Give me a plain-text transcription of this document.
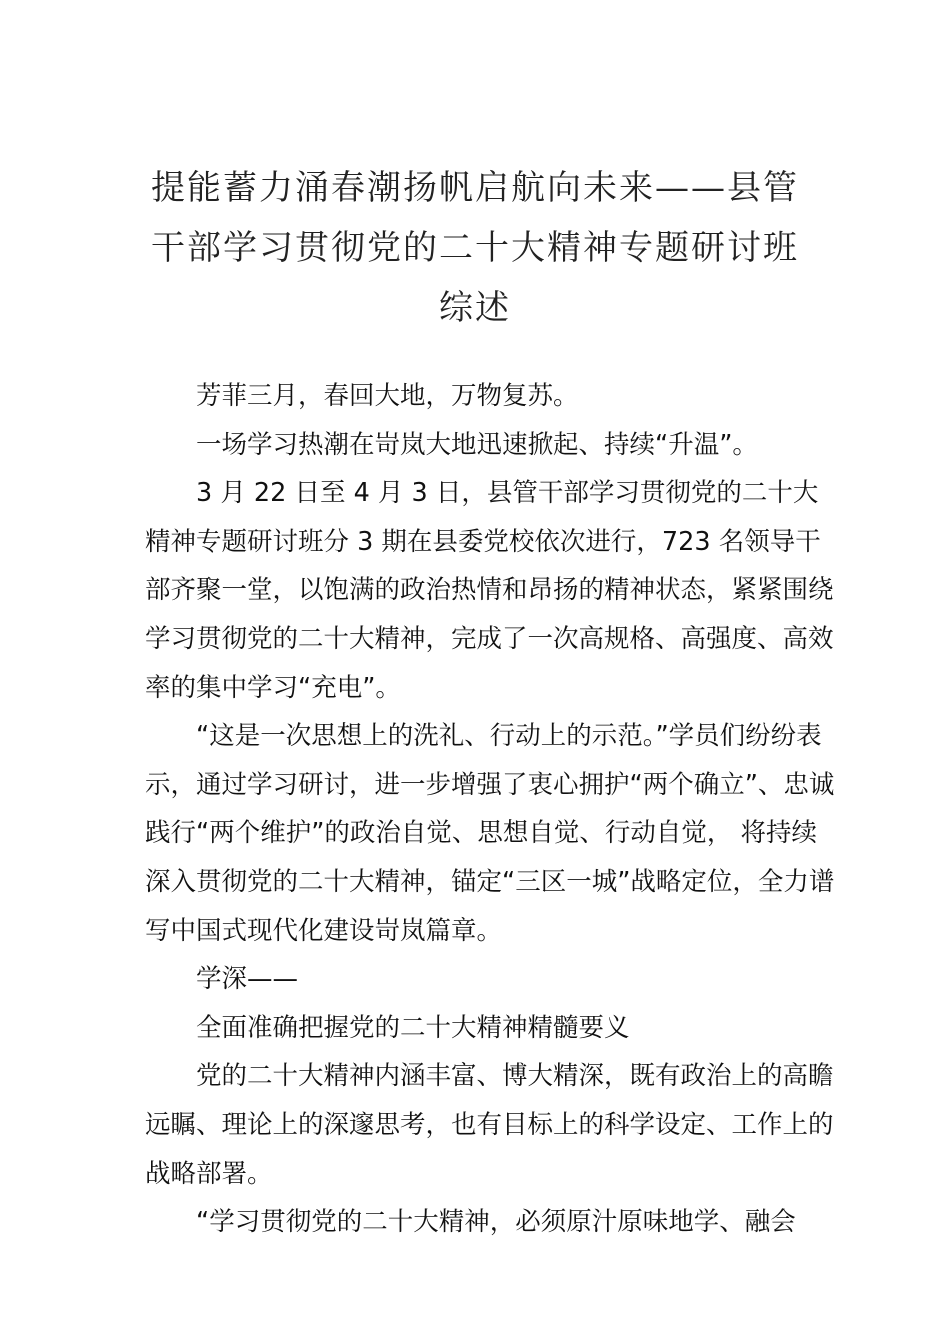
提能蓄力涌春潮扬帆启航向未来——县管
干部学习贯彻党的二十大精神专题研讨班
综述

芳菲三月，春回大地，万物复苏。

一场学习热潮在岢岚大地迅速掀起、持续“升温”。

3 月 22 日至 4 月 3 日，县管干部学习贯彻党的二十大精神专题研讨班分 3 期在县委党校依次进行，723 名领导干部齐聚一堂，以饱满的政治热情和昂扬的精神状态，紧紧围绕学习贯彻党的二十大精神，完成了一次高规格、高强度、高效率的集中学习“充电”。

“这是一次思想上的洗礼、行动上的示范。”学员们纷纷表示，通过学习研讨，进一步增强了衷心拥护“两个确立”、忠诚践行“两个维护”的政治自觉、思想自觉、行动自觉， 将持续深入贯彻党的二十大精神，锚定“三区一城”战略定位，全力谱写中国式现代化建设岢岚篇章。

学深——

全面准确把握党的二十大精神精髓要义

党的二十大精神内涵丰富、博大精深，既有政治上的高瞻远瞩、理论上的深邃思考，也有目标上的科学设定、工作上的战略部署。

“学习贯彻党的二十大精神，必须原汁原味地学、融会
